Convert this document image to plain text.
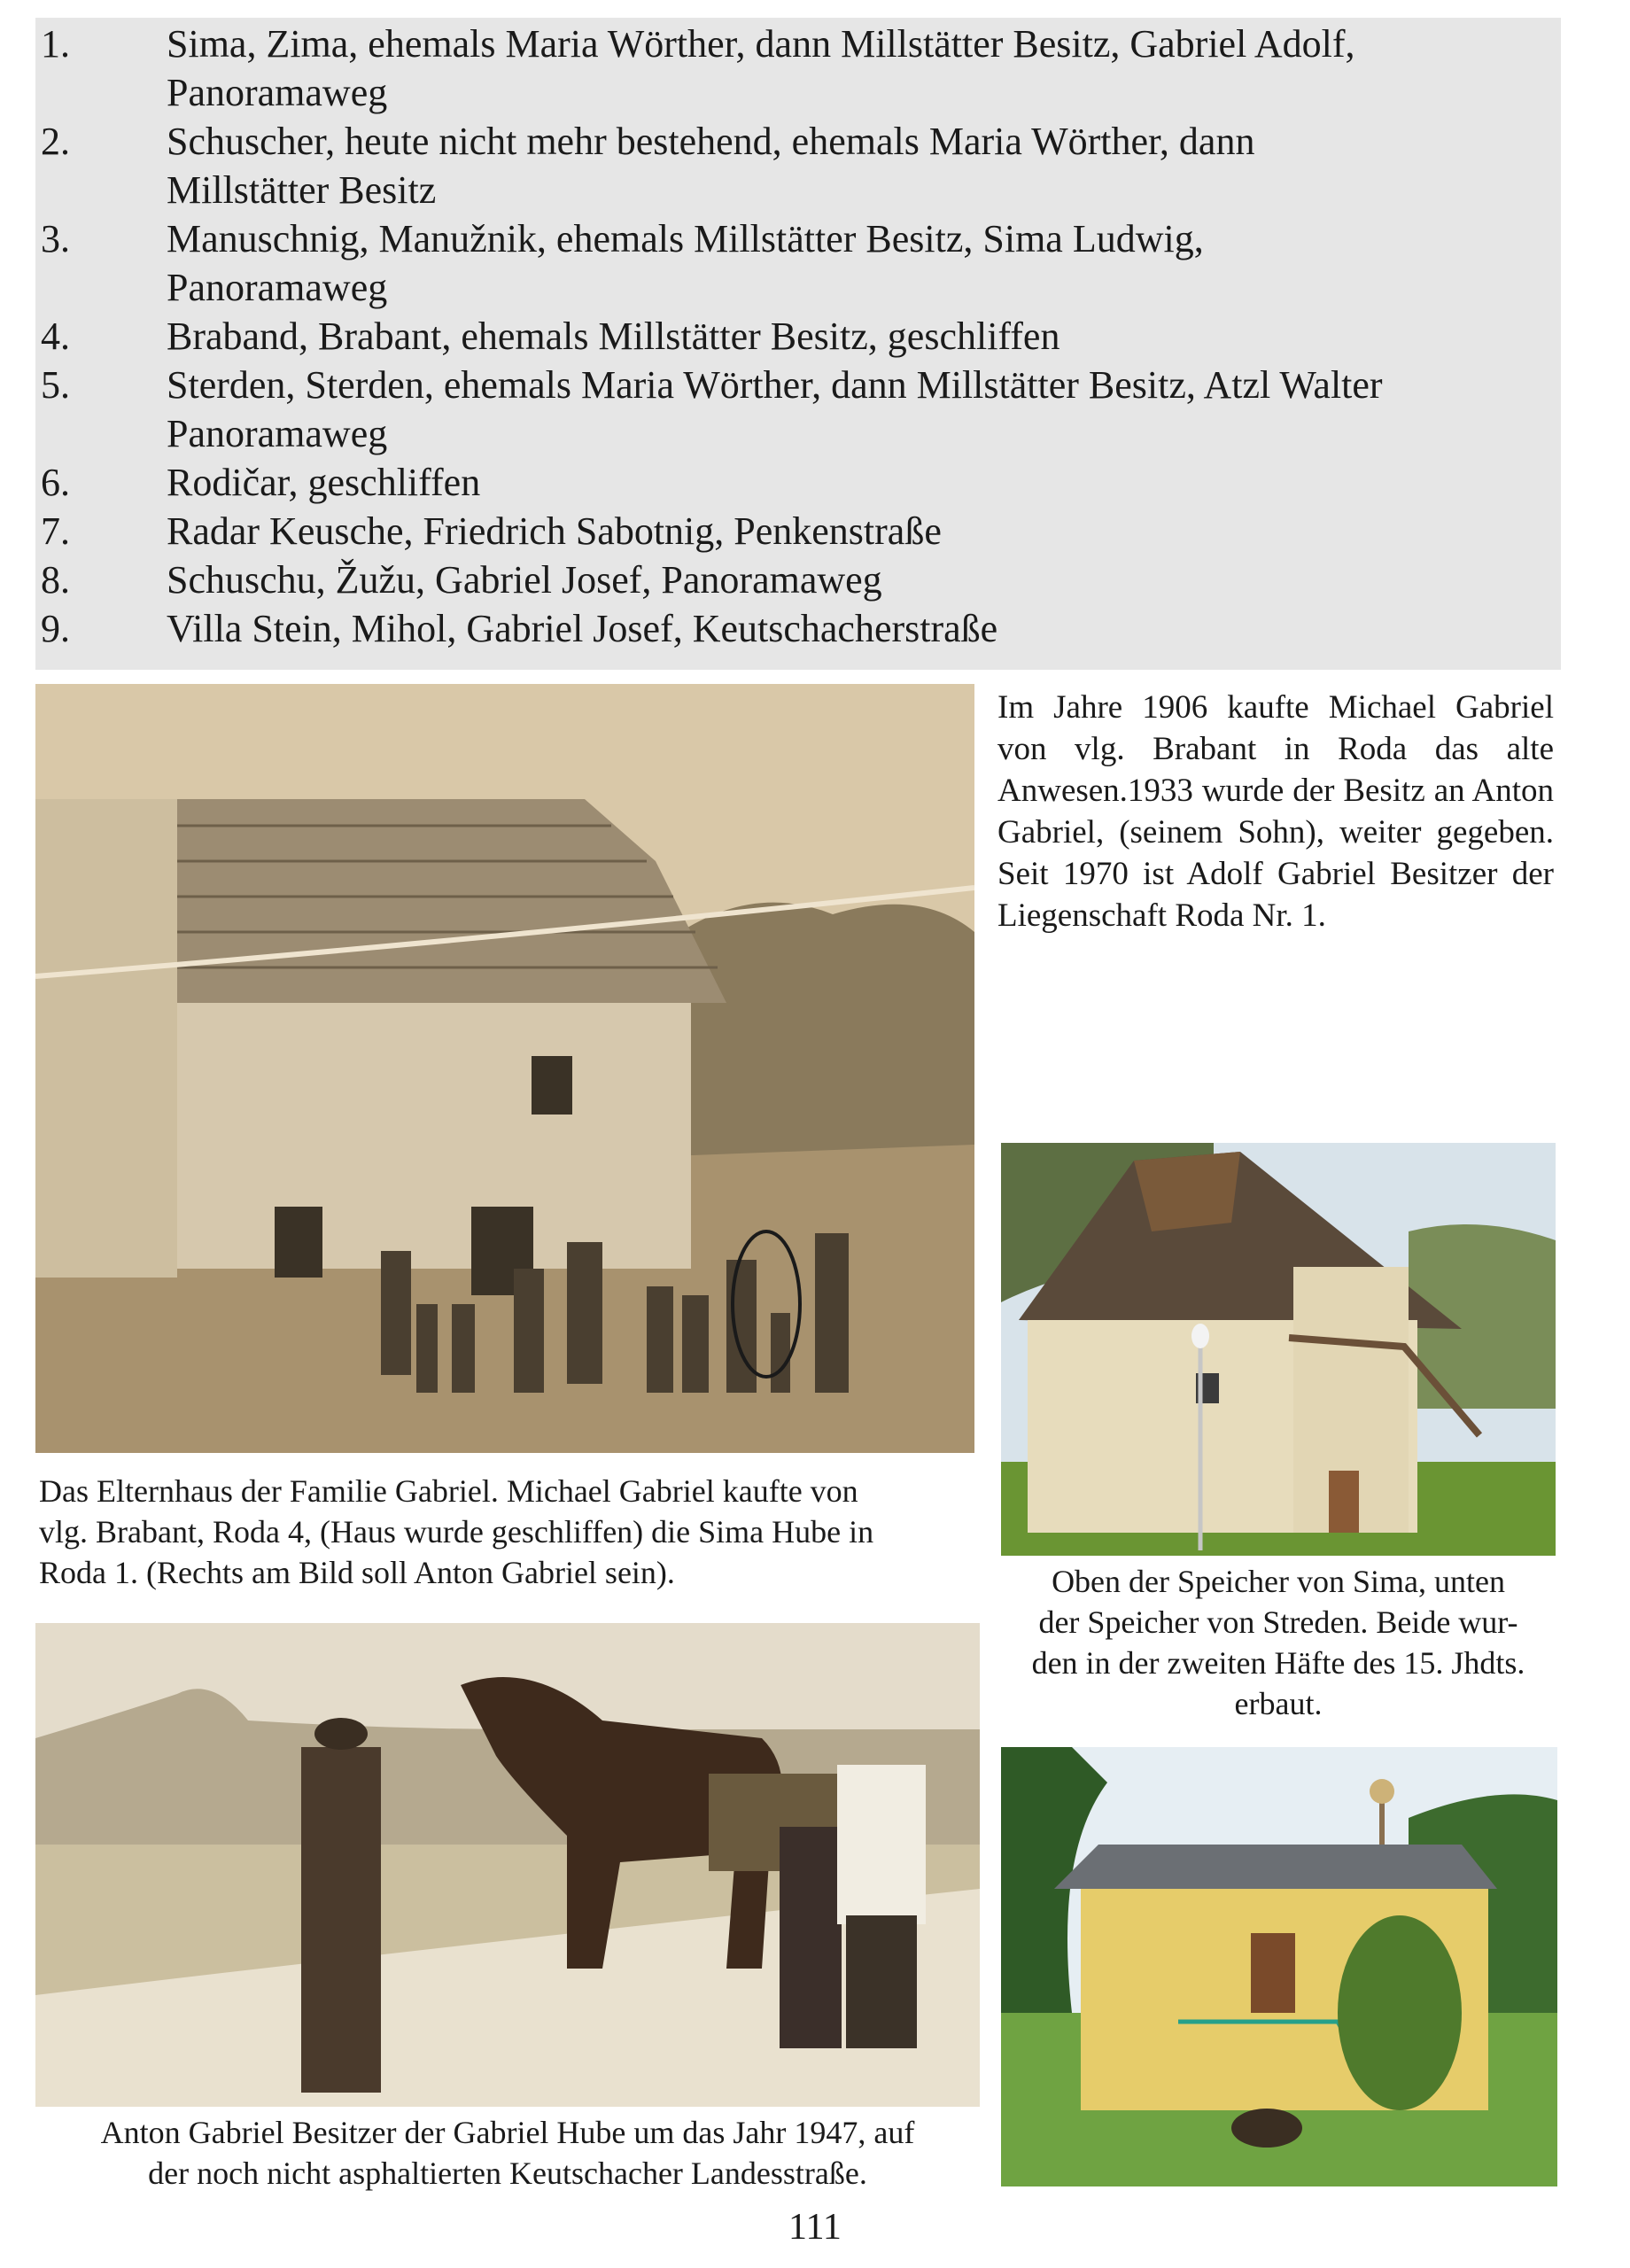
1.	Sima, Zima, ehemals Maria Wörther, dann Millstätter Besitz, Gabriel Adolf,
Panoramaweg
2.	Schuscher, heute nicht mehr bestehend, ehemals Maria Wörther, dann
Millstätter Besitz
3.	Manuschnig, Manužnik, ehemals Millstätter Besitz, Sima Ludwig,
Panoramaweg
4.	Braband, Brabant, ehemals Millstätter Besitz, geschliffen
5.	Sterden, Sterden, ehemals Maria Wörther, dann Millstätter Besitz, Atzl Walter
Panoramaweg
6.	Rodičar, geschliffen
7.	Radar Keusche, Friedrich Sabotnig, Penkenstraße
8.	Schuschu, Žužu, Gabriel Josef, Panoramaweg
9.	Villa Stein, Mihol, Gabriel Josef, Keutschacherstraße
Im Jahre 1906 kaufte Michael Gabriel von vlg. Brabant in Roda das alte Anwesen.1933 wurde der Besitz an Anton Gabriel, (seinem Sohn), weiter gegeben. Seit 1970 ist Adolf Gabriel Besitzer der Liegenschaft Roda Nr. 1.
Oben der Speicher von Sima, unten
der Speicher von Streden. Beide wur-
den in der zweiten Häfte des 15. Jhdts.
erbaut.
Das Elternhaus der Familie Gabriel. Michael Gabriel kaufte von
vlg. Brabant, Roda 4, (Haus wurde geschliffen) die Sima Hube in
Roda 1. (Rechts am Bild soll Anton Gabriel sein).
Anton Gabriel Besitzer der Gabriel Hube um das Jahr 1947, auf
der noch nicht asphaltierten Keutschacher Landesstraße.
111
